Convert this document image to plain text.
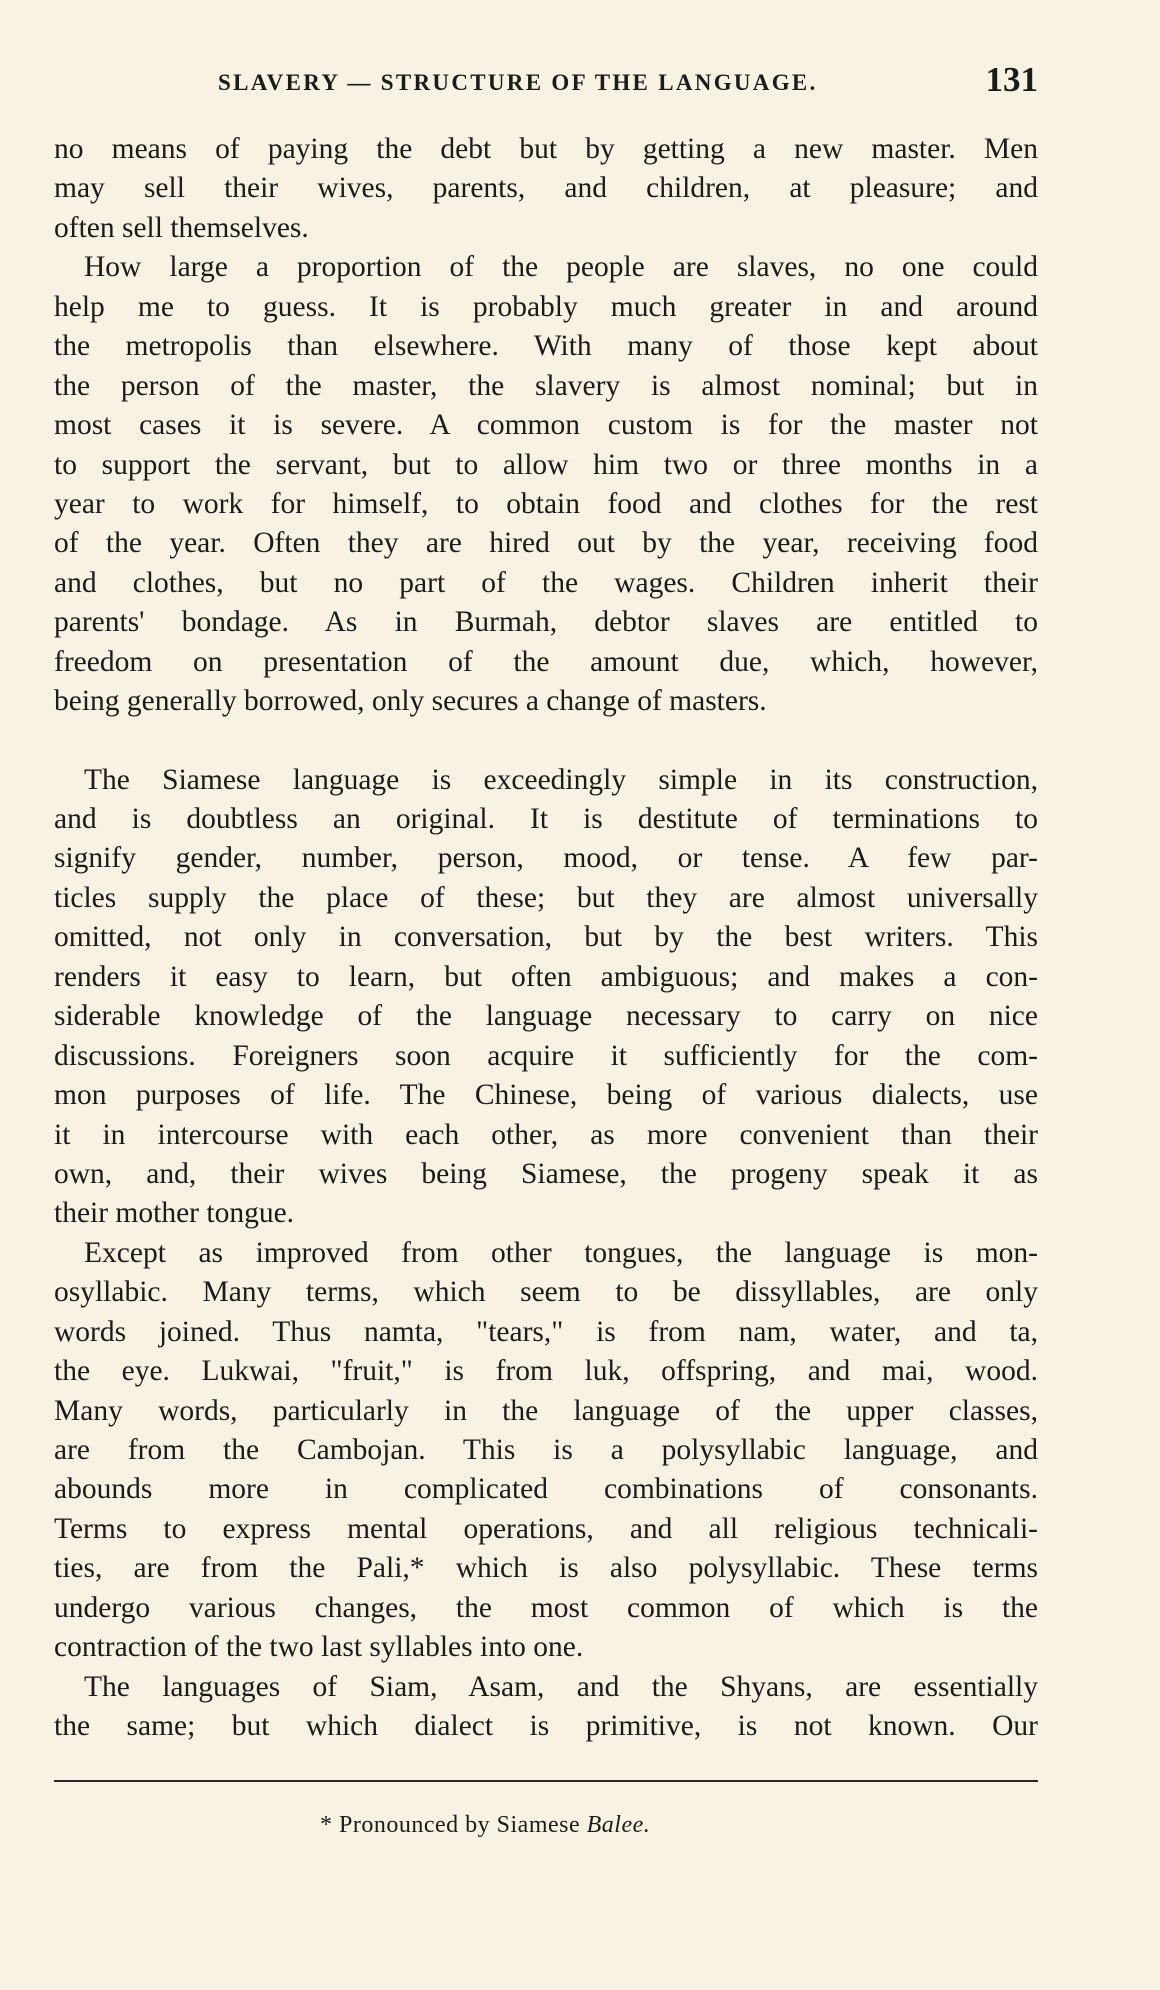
SLAVERY — STRUCTURE OF THE LANGUAGE.	131
no means of paying the debt but by getting a new master. Men
may sell their wives, parents, and children, at pleasure; and
often sell themselves.
How large a proportion of the people are slaves, no one could
help me to guess. It is probably much greater in and around
the metropolis than elsewhere. With many of those kept about
the person of the master, the slavery is almost nominal; but in
most cases it is severe. A common custom is for the master not
to support the servant, but to allow him two or three months in a
year to work for himself, to obtain food and clothes for the rest
of the year. Often they are hired out by the year, receiving food
and clothes, but no part of the wages. Children inherit their
parents' bondage. As in Burmah, debtor slaves are entitled to
freedom on presentation of the amount due, which, however,
being generally borrowed, only secures a change of masters.
The Siamese language is exceedingly simple in its construction,
and is doubtless an original. It is destitute of terminations to
signify gender, number, person, mood, or tense. A few par-
ticles supply the place of these; but they are almost universally
omitted, not only in conversation, but by the best writers. This
renders it easy to learn, but often ambiguous; and makes a con-
siderable knowledge of the language necessary to carry on nice
discussions. Foreigners soon acquire it sufficiently for the com-
mon purposes of life. The Chinese, being of various dialects, use
it in intercourse with each other, as more convenient than their
own, and, their wives being Siamese, the progeny speak it as
their mother tongue.
Except as improved from other tongues, the language is mon-
osyllabic. Many terms, which seem to be dissyllables, are only
words joined. Thus namta, "tears," is from nam, water, and ta,
the eye. Lukwai, "fruit," is from luk, offspring, and mai, wood.
Many words, particularly in the language of the upper classes,
are from the Cambojan. This is a polysyllabic language, and
abounds more in complicated combinations of consonants.
Terms to express mental operations, and all religious technicali-
ties, are from the Pali,* which is also polysyllabic. These terms
undergo various changes, the most common of which is the
contraction of the two last syllables into one.
The languages of Siam, Asam, and the Shyans, are essentially
the same; but which dialect is primitive, is not known. Our
* Pronounced by Siamese Balee.
